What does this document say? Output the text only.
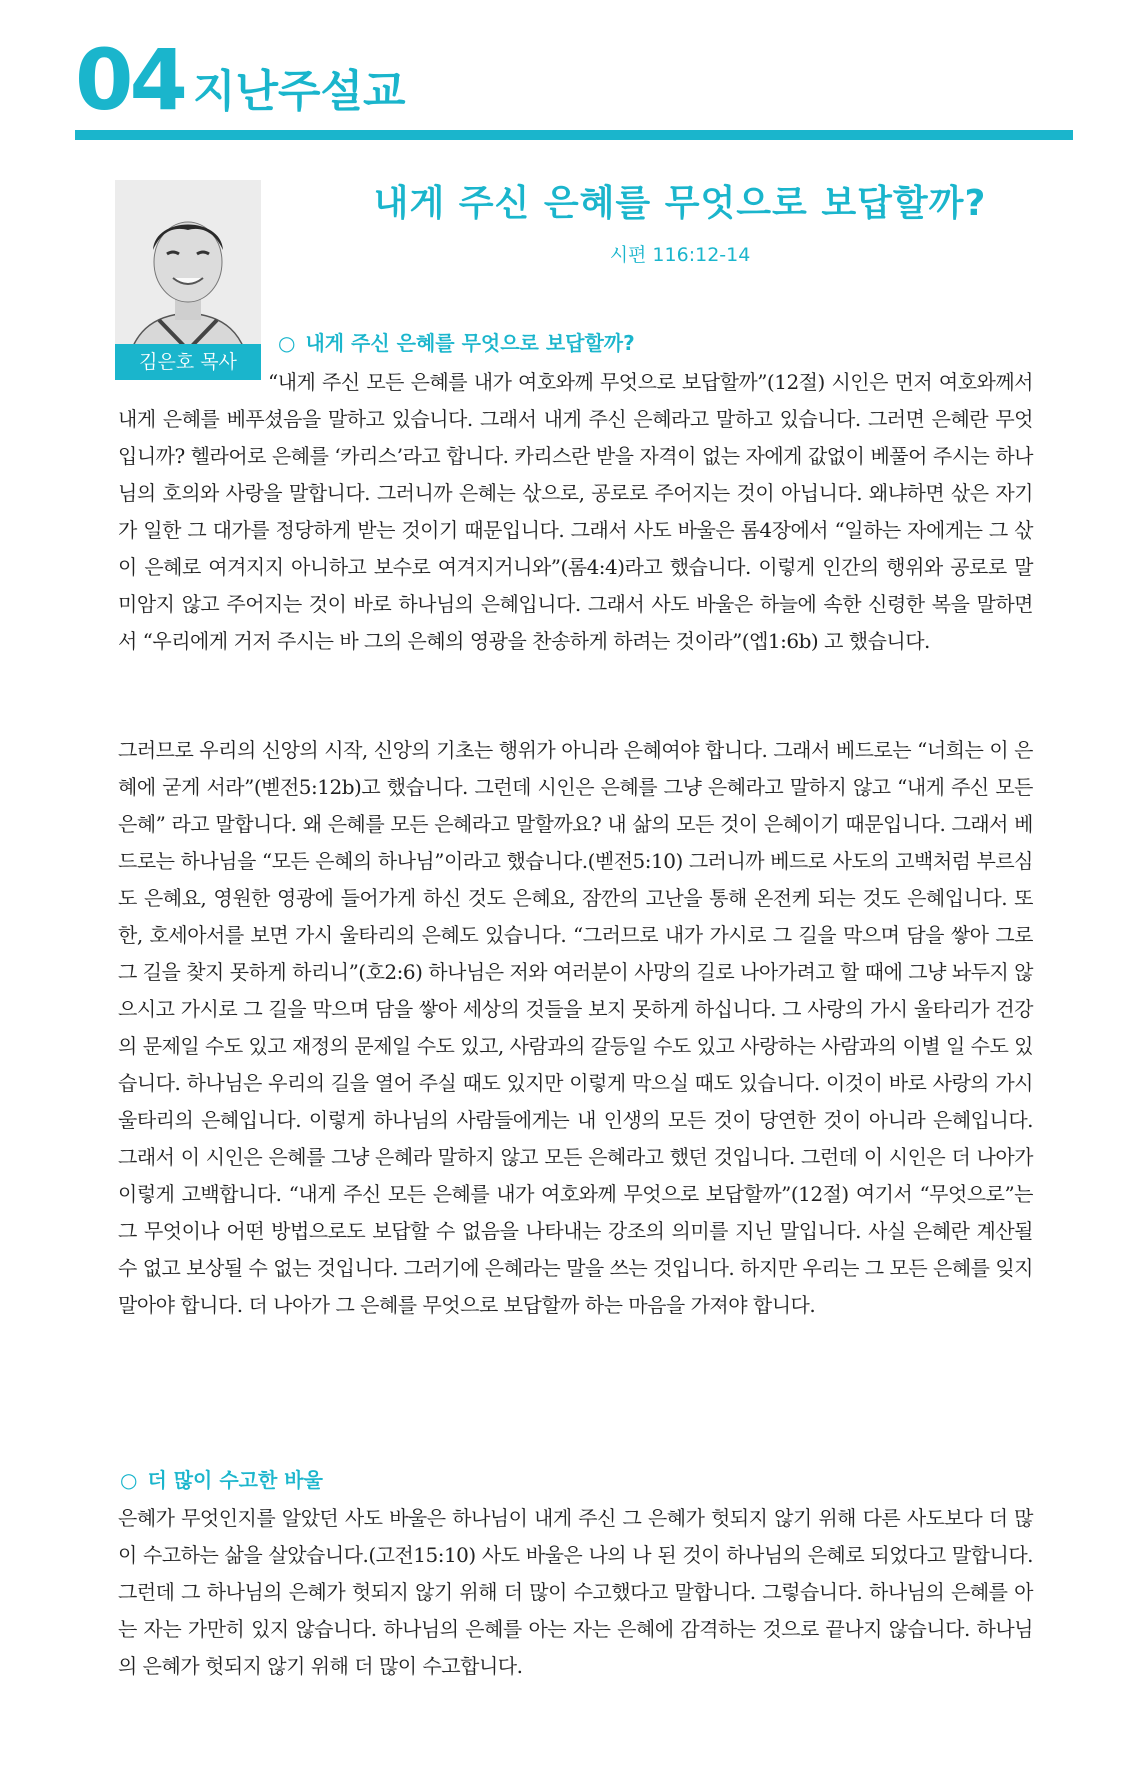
04 지난주설교
김은호 목사
내게 주신 은혜를 무엇으로 보답할까?
시편 116:12-14
○ 내게 주신 은혜를 무엇으로 보답할까?

“내게 주신 모든 은혜를 내가 여호와께 무엇으로 보답할까”(12절) 시인은 먼저 여호와께서 내게 은혜를 베푸셨음을 말하고 있습니다. 그래서 내게 주신 은혜라고 말하고 있습니다. 그러면 은혜란 무엇입니까? 헬라어로 은혜를 ‘카리스’라고 합니다. 카리스란 받을 자격이 없는 자에게 값없이 베풀어 주시는 하나님의 호의와 사랑을 말합니다. 그러니까 은혜는 삯으로, 공로로 주어지는 것이 아닙니다. 왜냐하면 삯은 자기가 일한 그 대가를 정당하게 받는 것이기 때문입니다. 그래서 사도 바울은 롬4장에서 “일하는 자에게는 그 삯이 은혜로 여겨지지 아니하고 보수로 여겨지거니와”(롬4:4)라고 했습니다. 이렇게 인간의 행위와 공로로 말미암지 않고 주어지는 것이 바로 하나님의 은혜입니다. 그래서 사도 바울은 하늘에 속한 신령한 복을 말하면서 “우리에게 거저 주시는 바 그의 은혜의 영광을 찬송하게 하려는 것이라”(엡1:6b) 고 했습니다.

그러므로 우리의 신앙의 시작, 신앙의 기초는 행위가 아니라 은혜여야 합니다. 그래서 베드로는 “너희는 이 은혜에 굳게 서라”(벧전5:12b)고 했습니다. 그런데 시인은 은혜를 그냥 은혜라고 말하지 않고 “내게 주신 모든 은혜” 라고 말합니다. 왜 은혜를 모든 은혜라고 말할까요? 내 삶의 모든 것이 은혜이기 때문입니다. 그래서 베드로는 하나님을 “모든 은혜의 하나님”이라고 했습니다.(벧전5:10) 그러니까 베드로 사도의 고백처럼 부르심도 은혜요, 영원한 영광에 들어가게 하신 것도 은혜요, 잠깐의 고난을 통해 온전케 되는 것도 은혜입니다. 또한, 호세아서를 보면 가시 울타리의 은혜도 있습니다. “그러므로 내가 가시로 그 길을 막으며 담을 쌓아 그로 그 길을 찾지 못하게 하리니”(호2:6) 하나님은 저와 여러분이 사망의 길로 나아가려고 할 때에 그냥 놔두지 않으시고 가시로 그 길을 막으며 담을 쌓아 세상의 것들을 보지 못하게 하십니다. 그 사랑의 가시 울타리가 건강의 문제일 수도 있고 재정의 문제일 수도 있고, 사람과의 갈등일 수도 있고 사랑하는 사람과의 이별 일 수도 있습니다. 하나님은 우리의 길을 열어 주실 때도 있지만 이렇게 막으실 때도 있습니다. 이것이 바로 사랑의 가시 울타리의 은혜입니다. 이렇게 하나님의 사람들에게는 내 인생의 모든 것이 당연한 것이 아니라 은혜입니다. 그래서 이 시인은 은혜를 그냥 은혜라 말하지 않고 모든 은혜라고 했던 것입니다. 그런데 이 시인은 더 나아가 이렇게 고백합니다. “내게 주신 모든 은혜를 내가 여호와께 무엇으로 보답할까”(12절) 여기서 “무엇으로”는 그 무엇이나 어떤 방법으로도 보답할 수 없음을 나타내는 강조의 의미를 지닌 말입니다. 사실 은혜란 계산될 수 없고 보상될 수 없는 것입니다. 그러기에 은혜라는 말을 쓰는 것입니다. 하지만 우리는 그 모든 은혜를 잊지 말아야 합니다. 더 나아가 그 은혜를 무엇으로 보답할까 하는 마음을 가져야 합니다.

○ 더 많이 수고한 바울

은혜가 무엇인지를 알았던 사도 바울은 하나님이 내게 주신 그 은혜가 헛되지 않기 위해 다른 사도보다 더 많이 수고하는 삶을 살았습니다.(고전15:10) 사도 바울은 나의 나 된 것이 하나님의 은혜로 되었다고 말합니다. 그런데 그 하나님의 은혜가 헛되지 않기 위해 더 많이 수고했다고 말합니다. 그렇습니다. 하나님의 은혜를 아는 자는 가만히 있지 않습니다. 하나님의 은혜를 아는 자는 은혜에 감격하는 것으로 끝나지 않습니다. 하나님의 은혜가 헛되지 않기 위해 더 많이 수고합니다.
